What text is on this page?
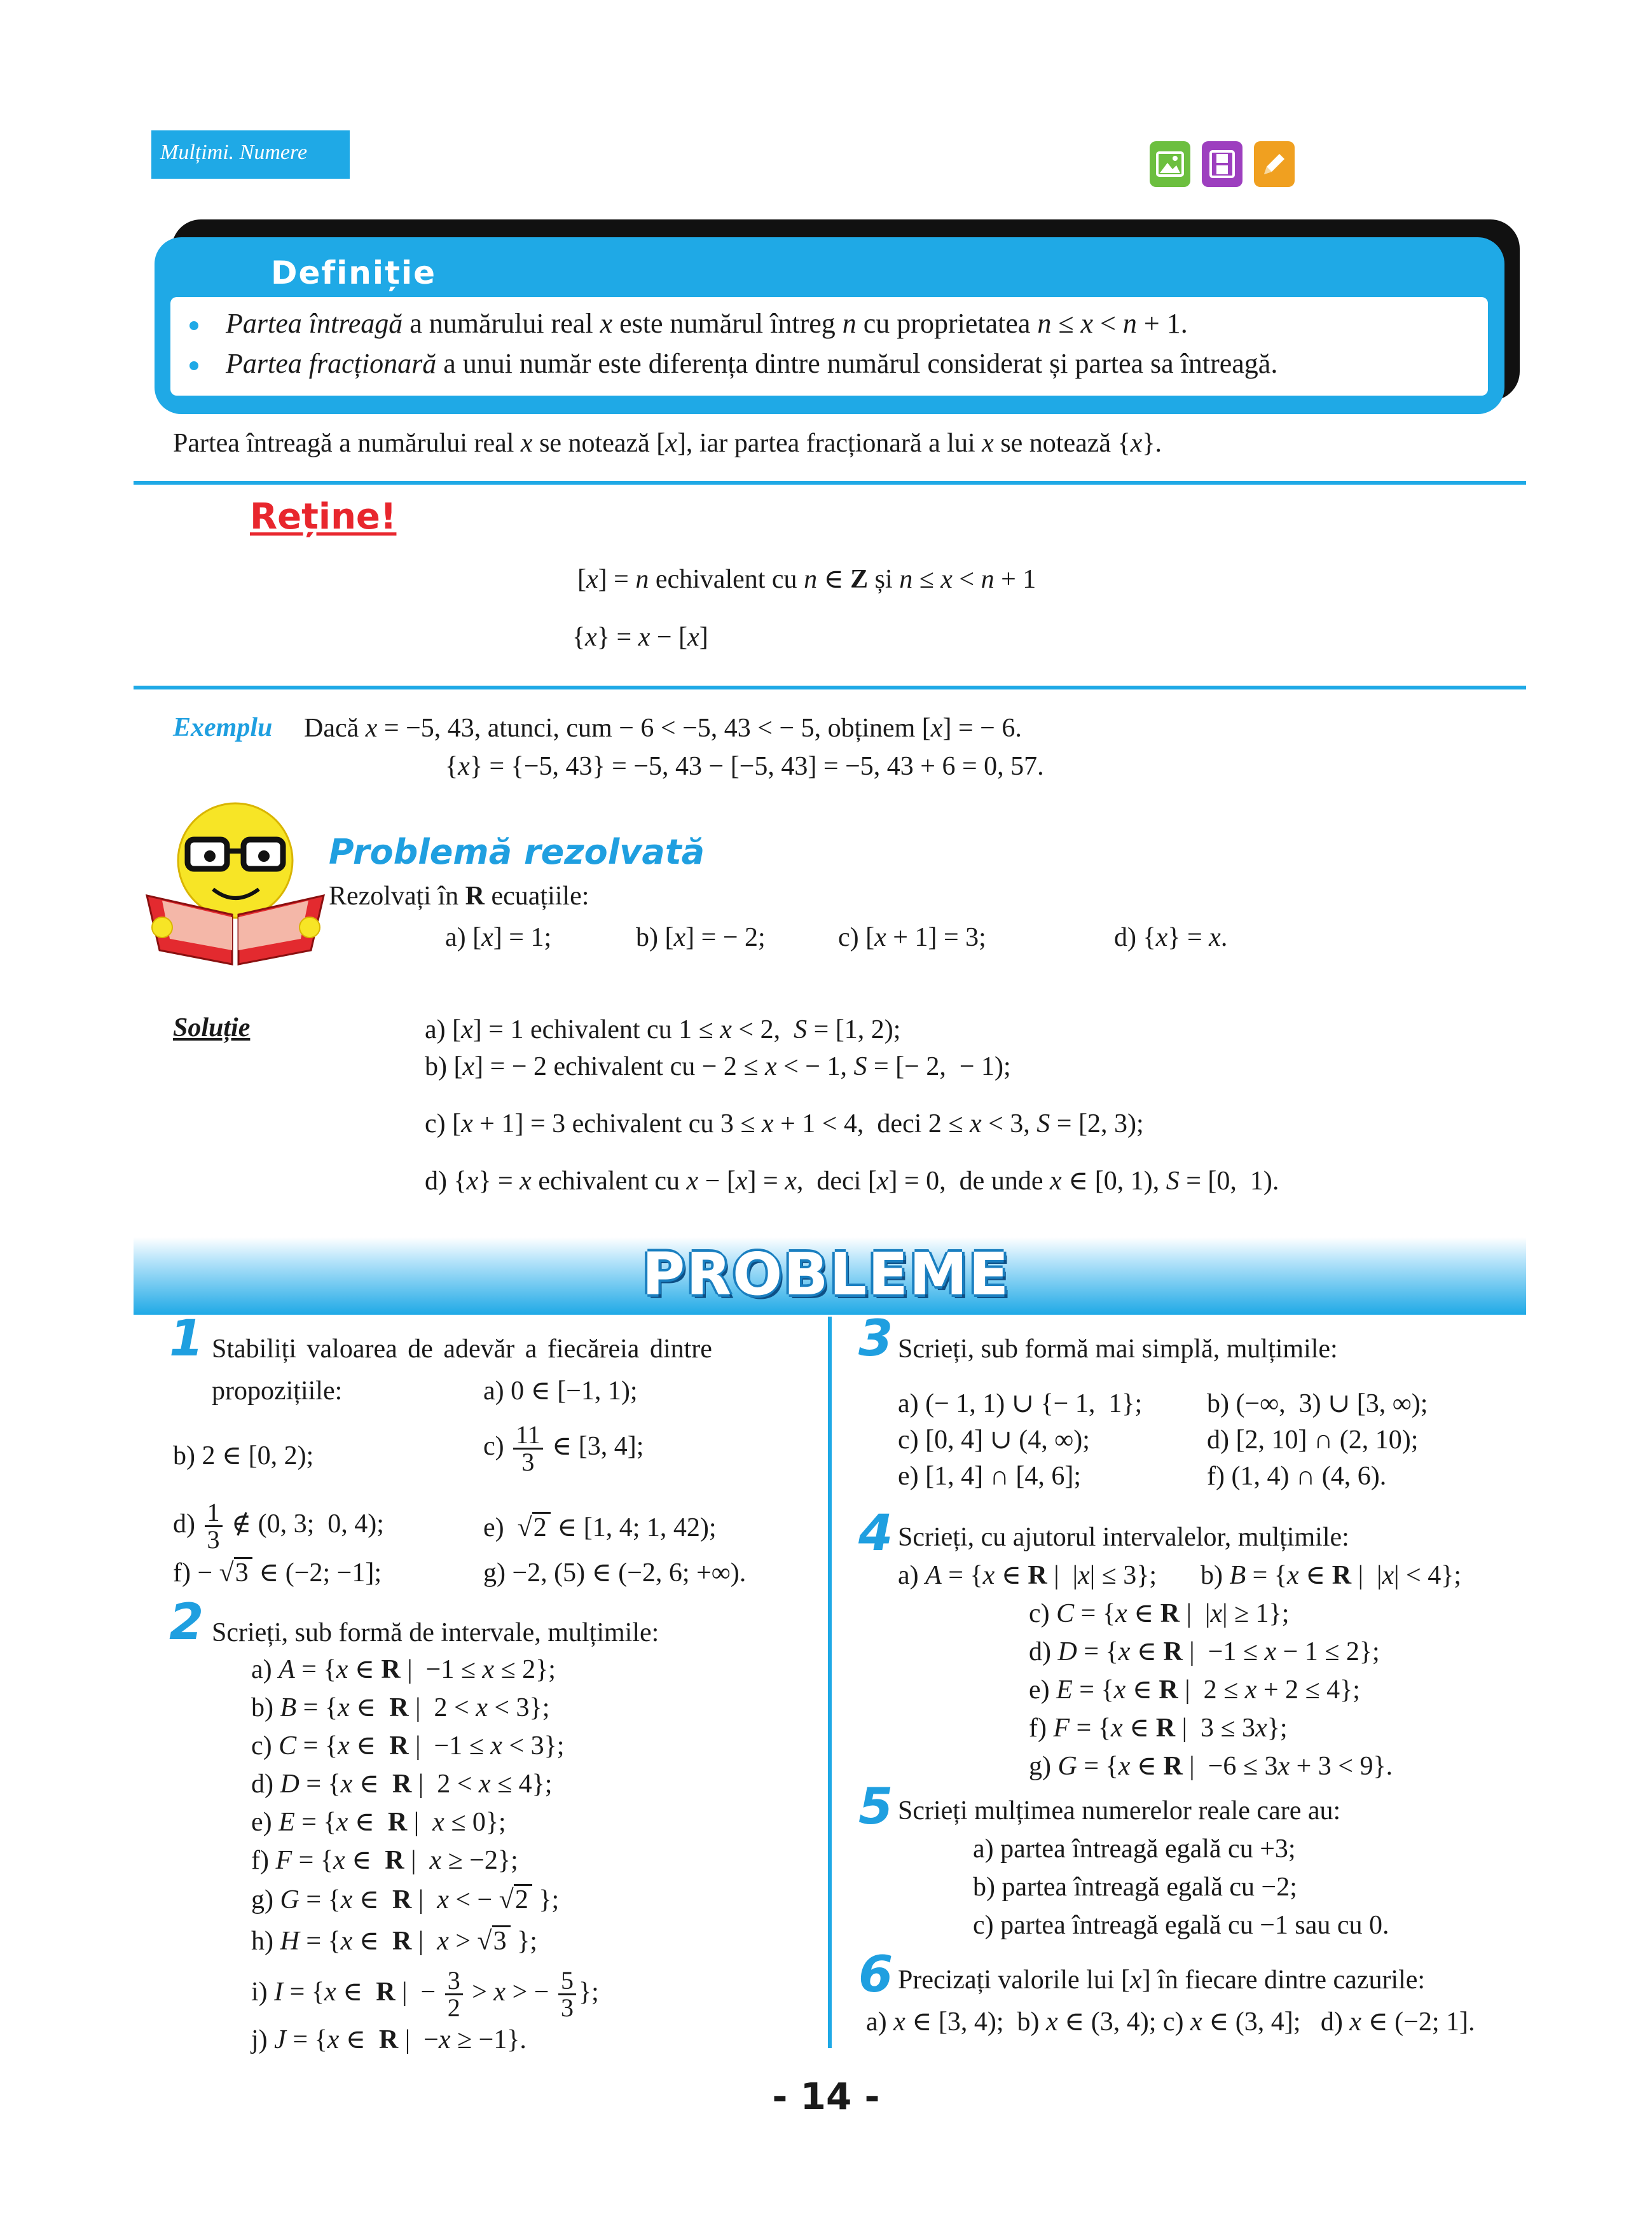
Mulțimi. Numere
Definiție
Partea întreagă a numărului real x este numărul întreg n cu proprietatea n ≤ x < n + 1.
Partea fracționară a unui număr este diferența dintre numărul considerat și partea sa întreagă.
Partea întreagă a numărului real x se notează [x], iar partea fracționară a lui x se notează {x}.
Reține!
[x] = n echivalent cu n ∈ Z și n ≤ x < n + 1
{x} = x − [x]
Exemplu Dacă x = −5, 43, atunci, cum − 6 < −5, 43 < − 5, obținem [x] = − 6.
{x} = {−5, 43} = −5, 43 − [−5, 43] = −5, 43 + 6 = 0, 57.
Problemă rezolvată
Rezolvați în R ecuațiile:
a) [x] = 1;	b) [x] = − 2;	c) [x + 1] = 3;	d) {x} = x.
Soluție	a) [x] = 1 echivalent cu 1 ≤ x < 2,  S = [1, 2);
b) [x] = − 2 echivalent cu − 2 ≤ x < − 1, S = [− 2,  − 1);
c) [x + 1] = 3 echivalent cu 3 ≤ x + 1 < 4,  deci 2 ≤ x < 3, S = [2, 3);
d) {x} = x echivalent cu x − [x] = x,  deci [x] = 0,  de unde x ∈ [0, 1), S = [0,  1).
PROBLEME
1 Stabiliți valoarea de adevăr a fiecăreia dintre
propozițiile:	a) 0 ∈ [−1, 1);
b) 2 ∈ [0, 2);	$c) \frac{11}{3}$ ∈ [3, 4];
$d) \frac{1}{3}$ ∉ (0, 3;  0, 4);	e)  √2 ∈ [1, 4; 1, 42);
f) − √3 ∈ (−2; −1];	g) −2, (5) ∈ (−2, 6; +∞).
2 Scrieți, sub formă de intervale, mulțimile:
a) A = {x ∈ R |  −1 ≤ x ≤ 2};
b) B = {x ∈  R |  2 < x < 3};
c) C = {x ∈  R |  −1 ≤ x < 3};
d) D = {x ∈  R |  2 < x ≤ 4};
e) E = {x ∈  R |  x ≤ 0};
f) F = {x ∈  R |  x ≥ −2};
g) G = {x ∈  R |  x < − √2 };
h) H = {x ∈  R |  x > √3 };
i) I = {x ∈  R |  − $\frac{3}{2} > x$ > − $\frac{5}{3}$ };
j) J = {x ∈  R |  −x ≥ −1}.
3 Scrieți, sub formă mai simplă, mulțimile:
a) (− 1, 1) ∪ {− 1,  1}; b) (−∞,  3) ∪ [3, ∞);
c) [0, 4] ∪ (4, ∞);	d) [2, 10] ∩ (2, 10);
e) [1, 4] ∩ [4, 6];	f) (1, 4) ∩ (4, 6).
4 Scrieți, cu ajutorul intervalelor, mulțimile:
a) A = {x ∈ R |  |x| ≤ 3}; b) B = {x ∈ R |  |x| < 4};
c) C = {x ∈ R |  |x| ≥ 1};
d) D = {x ∈ R |  −1 ≤ x − 1 ≤ 2};
e) E = {x ∈ R |  2 ≤ x + 2 ≤ 4};
f) F = {x ∈ R |  3 ≤ 3x};
g) G = {x ∈ R |  −6 ≤ 3x + 3 < 9}.
5 Scrieți mulțimea numerelor reale care au:
a) partea întreagă egală cu +3;
b) partea întreagă egală cu −2;
c) partea întreagă egală cu −1 sau cu 0.
6 Precizați valorile lui [x] în fiecare dintre cazurile:
a) x ∈ [3, 4);  b) x ∈ (3, 4); c) x ∈ (3, 4];   d) x ∈ (−2; 1].
- 14 -
